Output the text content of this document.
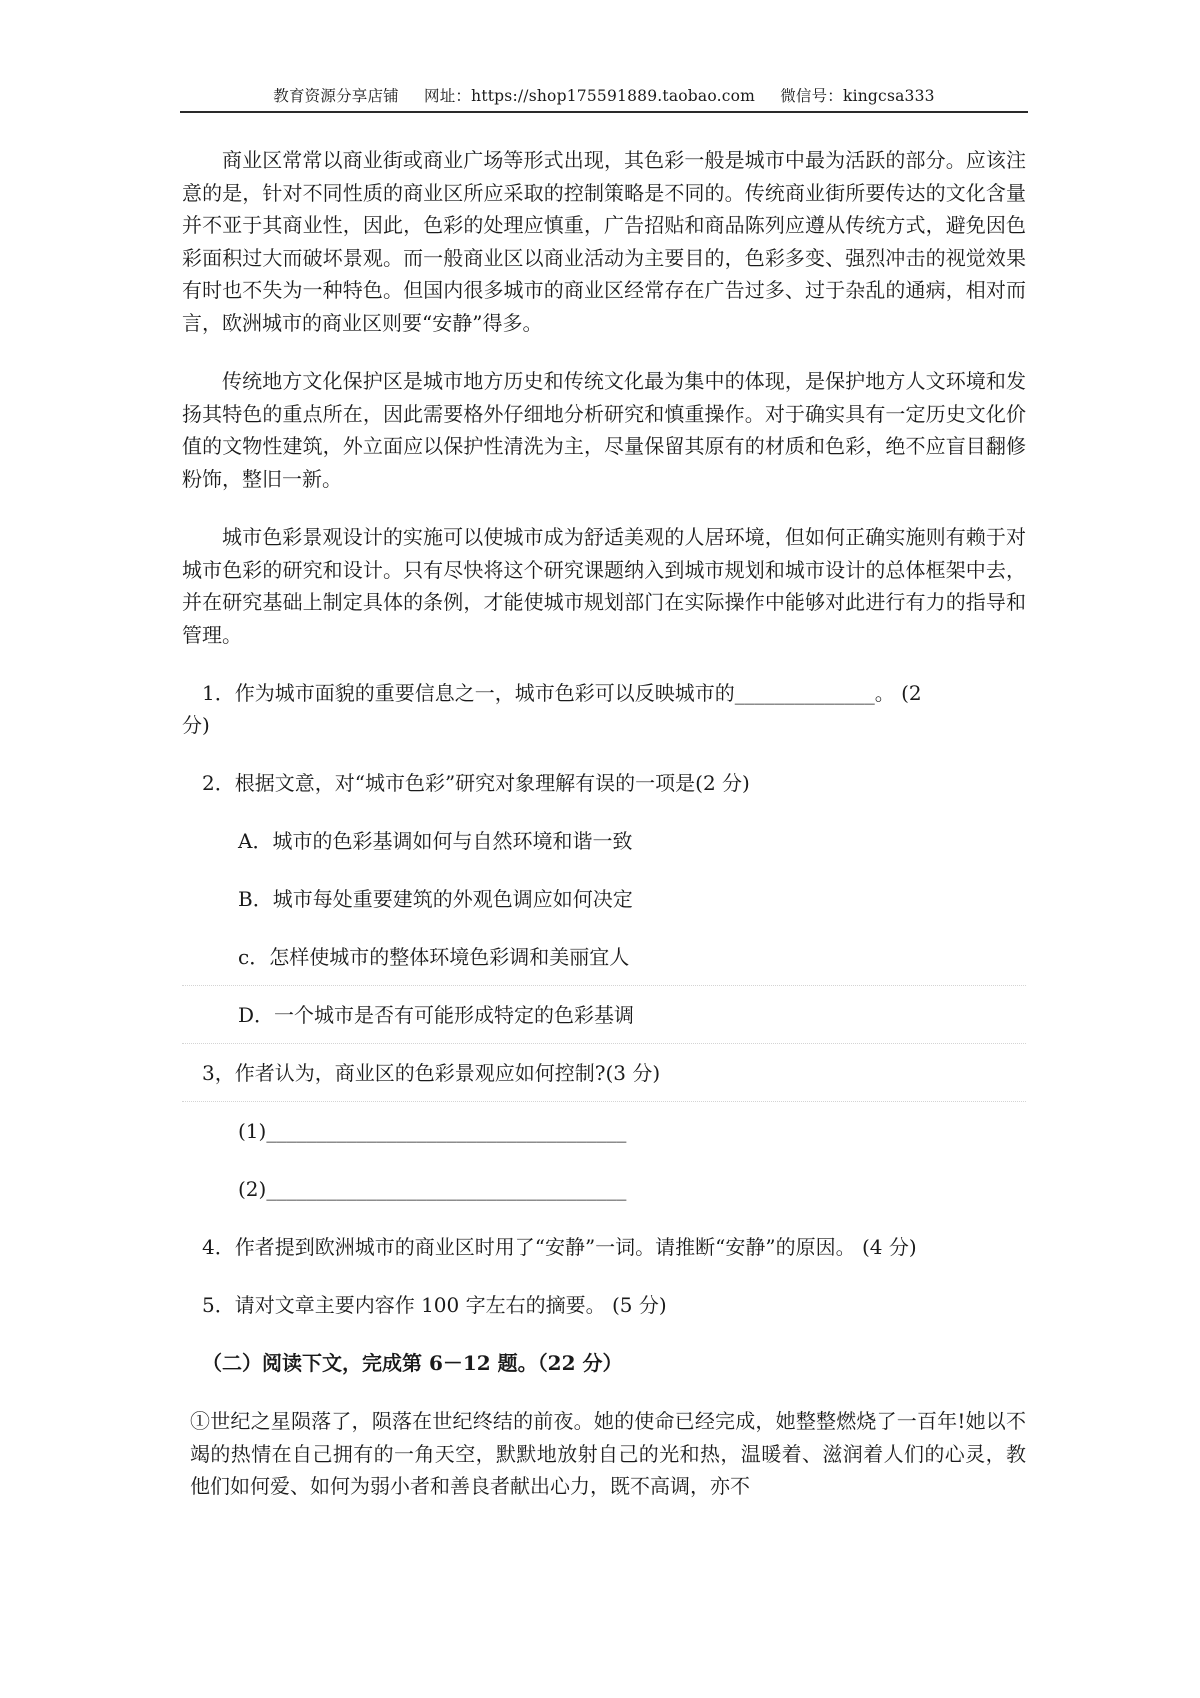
教育资源分享店铺 网址：https://shop175591889.taobao.com 微信号：kingcsa333

商业区常常以商业街或商业广场等形式出现，其色彩一般是城市中最为活跃的部分。应该注意的是，针对不同性质的商业区所应采取的控制策略是不同的。传统商业街所要传达的文化含量并不亚于其商业性，因此，色彩的处理应慎重，广告招贴和商品陈列应遵从传统方式，避免因色彩面积过大而破坏景观。而一般商业区以商业活动为主要目的，色彩多变、强烈冲击的视觉效果有时也不失为一种特色。但国内很多城市的商业区经常存在广告过多、过于杂乱的通病，相对而言，欧洲城市的商业区则要“安静”得多。

传统地方文化保护区是城市地方历史和传统文化最为集中的体现，是保护地方人文环境和发扬其特色的重点所在，因此需要格外仔细地分析研究和慎重操作。对于确实具有一定历史文化价值的文物性建筑，外立面应以保护性清洗为主，尽量保留其原有的材质和色彩，绝不应盲目翻修粉饰，整旧一新。

城市色彩景观设计的实施可以使城市成为舒适美观的人居环境，但如何正确实施则有赖于对城市色彩的研究和设计。只有尽快将这个研究课题纳入到城市规划和城市设计的总体框架中去，并在研究基础上制定具体的条例，才能使城市规划部门在实际操作中能够对此进行有力的指导和管理。

1．作为城市面貌的重要信息之一，城市色彩可以反映城市的______________。 (2

分)

2．根据文意，对“城市色彩”研究对象理解有误的一项是(2 分)

A．城市的色彩基调如何与自然环境和谐一致

B．城市每处重要建筑的外观色调应如何决定

c．怎样使城市的整体环境色彩调和美丽宜人

D．一个城市是否有可能形成特定的色彩基调

3，作者认为，商业区的色彩景观应如何控制?(3 分)

(1)____________________________________

(2)____________________________________

4．作者提到欧洲城市的商业区时用了“安静”一词。请推断“安静”的原因。 (4 分)

5．请对文章主要内容作 100 字左右的摘要。 (5 分)

（二）阅读下文，完成第 6－12 题。（22 分）

①世纪之星陨落了，陨落在世纪终结的前夜。她的使命已经完成，她整整燃烧了一百年!她以不竭的热情在自己拥有的一角天空，默默地放射自己的光和热，温暖着、滋润着人们的心灵，教他们如何爱、如何为弱小者和善良者献出心力，既不高调，亦不
